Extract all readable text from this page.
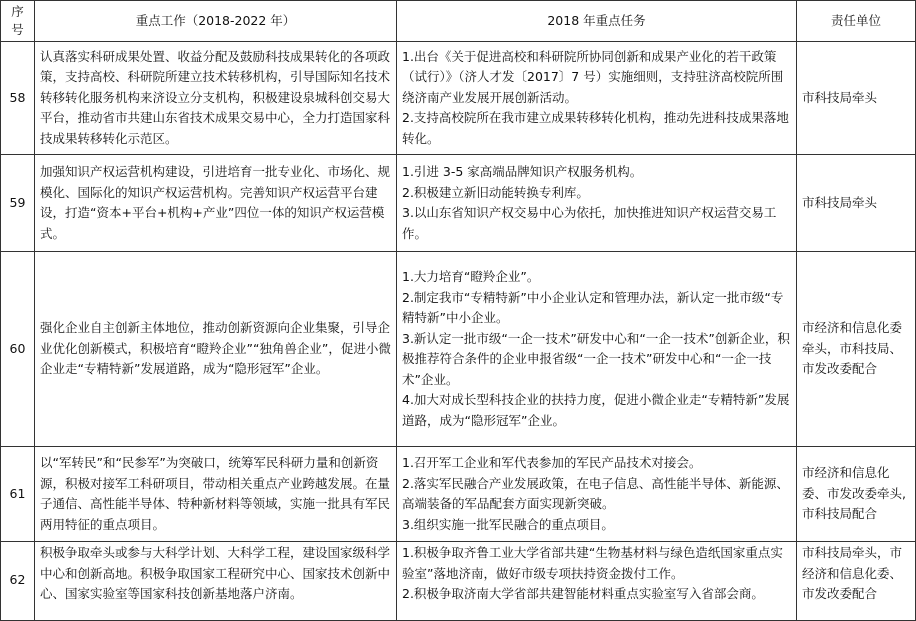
序号	重点工作（2018-2022 年）	2018 年重点任务	责任单位
58	认真落实科研成果处置、收益分配及鼓励科技成果转化的各项政策，支持高校、科研院所建立技术转移机构，引导国际知名技术转移转化服务机构来济设立分支机构，积极建设泉城科创交易大平台，推动省市共建山东省技术成果交易中心，全力打造国家科技成果转移转化示范区。	1.出台《关于促进高校和科研院所协同创新和成果产业化的若干政策（试行）》（济人才发〔2017〕7 号）实施细则，支持驻济高校院所围绕济南产业发展开展创新活动。
2.支持高校院所在我市建立成果转移转化机构，推动先进科技成果落地转化。	市科技局牵头
59	加强知识产权运营机构建设，引进培育一批专业化、市场化、规模化、国际化的知识产权运营机构。完善知识产权运营平台建设，打造“资本+平台+机构+产业”四位一体的知识产权运营模式。	1.引进 3-5 家高端品牌知识产权服务机构。
2.积极建立新旧动能转换专利库。
3.以山东省知识产权交易中心为依托，加快推进知识产权运营交易工作。	市科技局牵头
60	强化企业自主创新主体地位，推动创新资源向企业集聚，引导企业优化创新模式，积极培育“瞪羚企业”“独角兽企业”，促进小微企业走“专精特新”发展道路，成为“隐形冠军”企业。	1.大力培育“瞪羚企业”。
2.制定我市“专精特新”中小企业认定和管理办法，新认定一批市级“专精特新”中小企业。
3.新认定一批市级“一企一技术”研发中心和“一企一技术”创新企业，积极推荐符合条件的企业申报省级“一企一技术”研发中心和“一企一技术”企业。
4.加大对成长型科技企业的扶持力度，促进小微企业走“专精特新”发展道路，成为“隐形冠军”企业。	市经济和信息化委牵头，市科技局、市发改委配合
61	以“军转民”和“民参军”为突破口，统筹军民科研力量和创新资源，积极对接军工科研项目，带动相关重点产业跨越发展。在量子通信、高性能半导体、特种新材料等领域，实施一批具有军民两用特征的重点项目。	1.召开军工企业和军代表参加的军民产品技术对接会。
2.落实军民融合产业发展政策，在电子信息、高性能半导体、新能源、高端装备的军品配套方面实现新突破。
3.组织实施一批军民融合的重点项目。	市经济和信息化委、市发改委牵头,市科技局配合
62	积极争取牵头或参与大科学计划、大科学工程，建设国家级科学中心和创新高地。积极争取国家工程研究中心、国家技术创新中心、国家实验室等国家科技创新基地落户济南。	1.积极争取齐鲁工业大学省部共建“生物基材料与绿色造纸国家重点实验室”落地济南，做好市级专项扶持资金拨付工作。
2.积极争取济南大学省部共建智能材料重点实验室写入省部会商。	市科技局牵头，市经济和信息化委、市发改委配合
